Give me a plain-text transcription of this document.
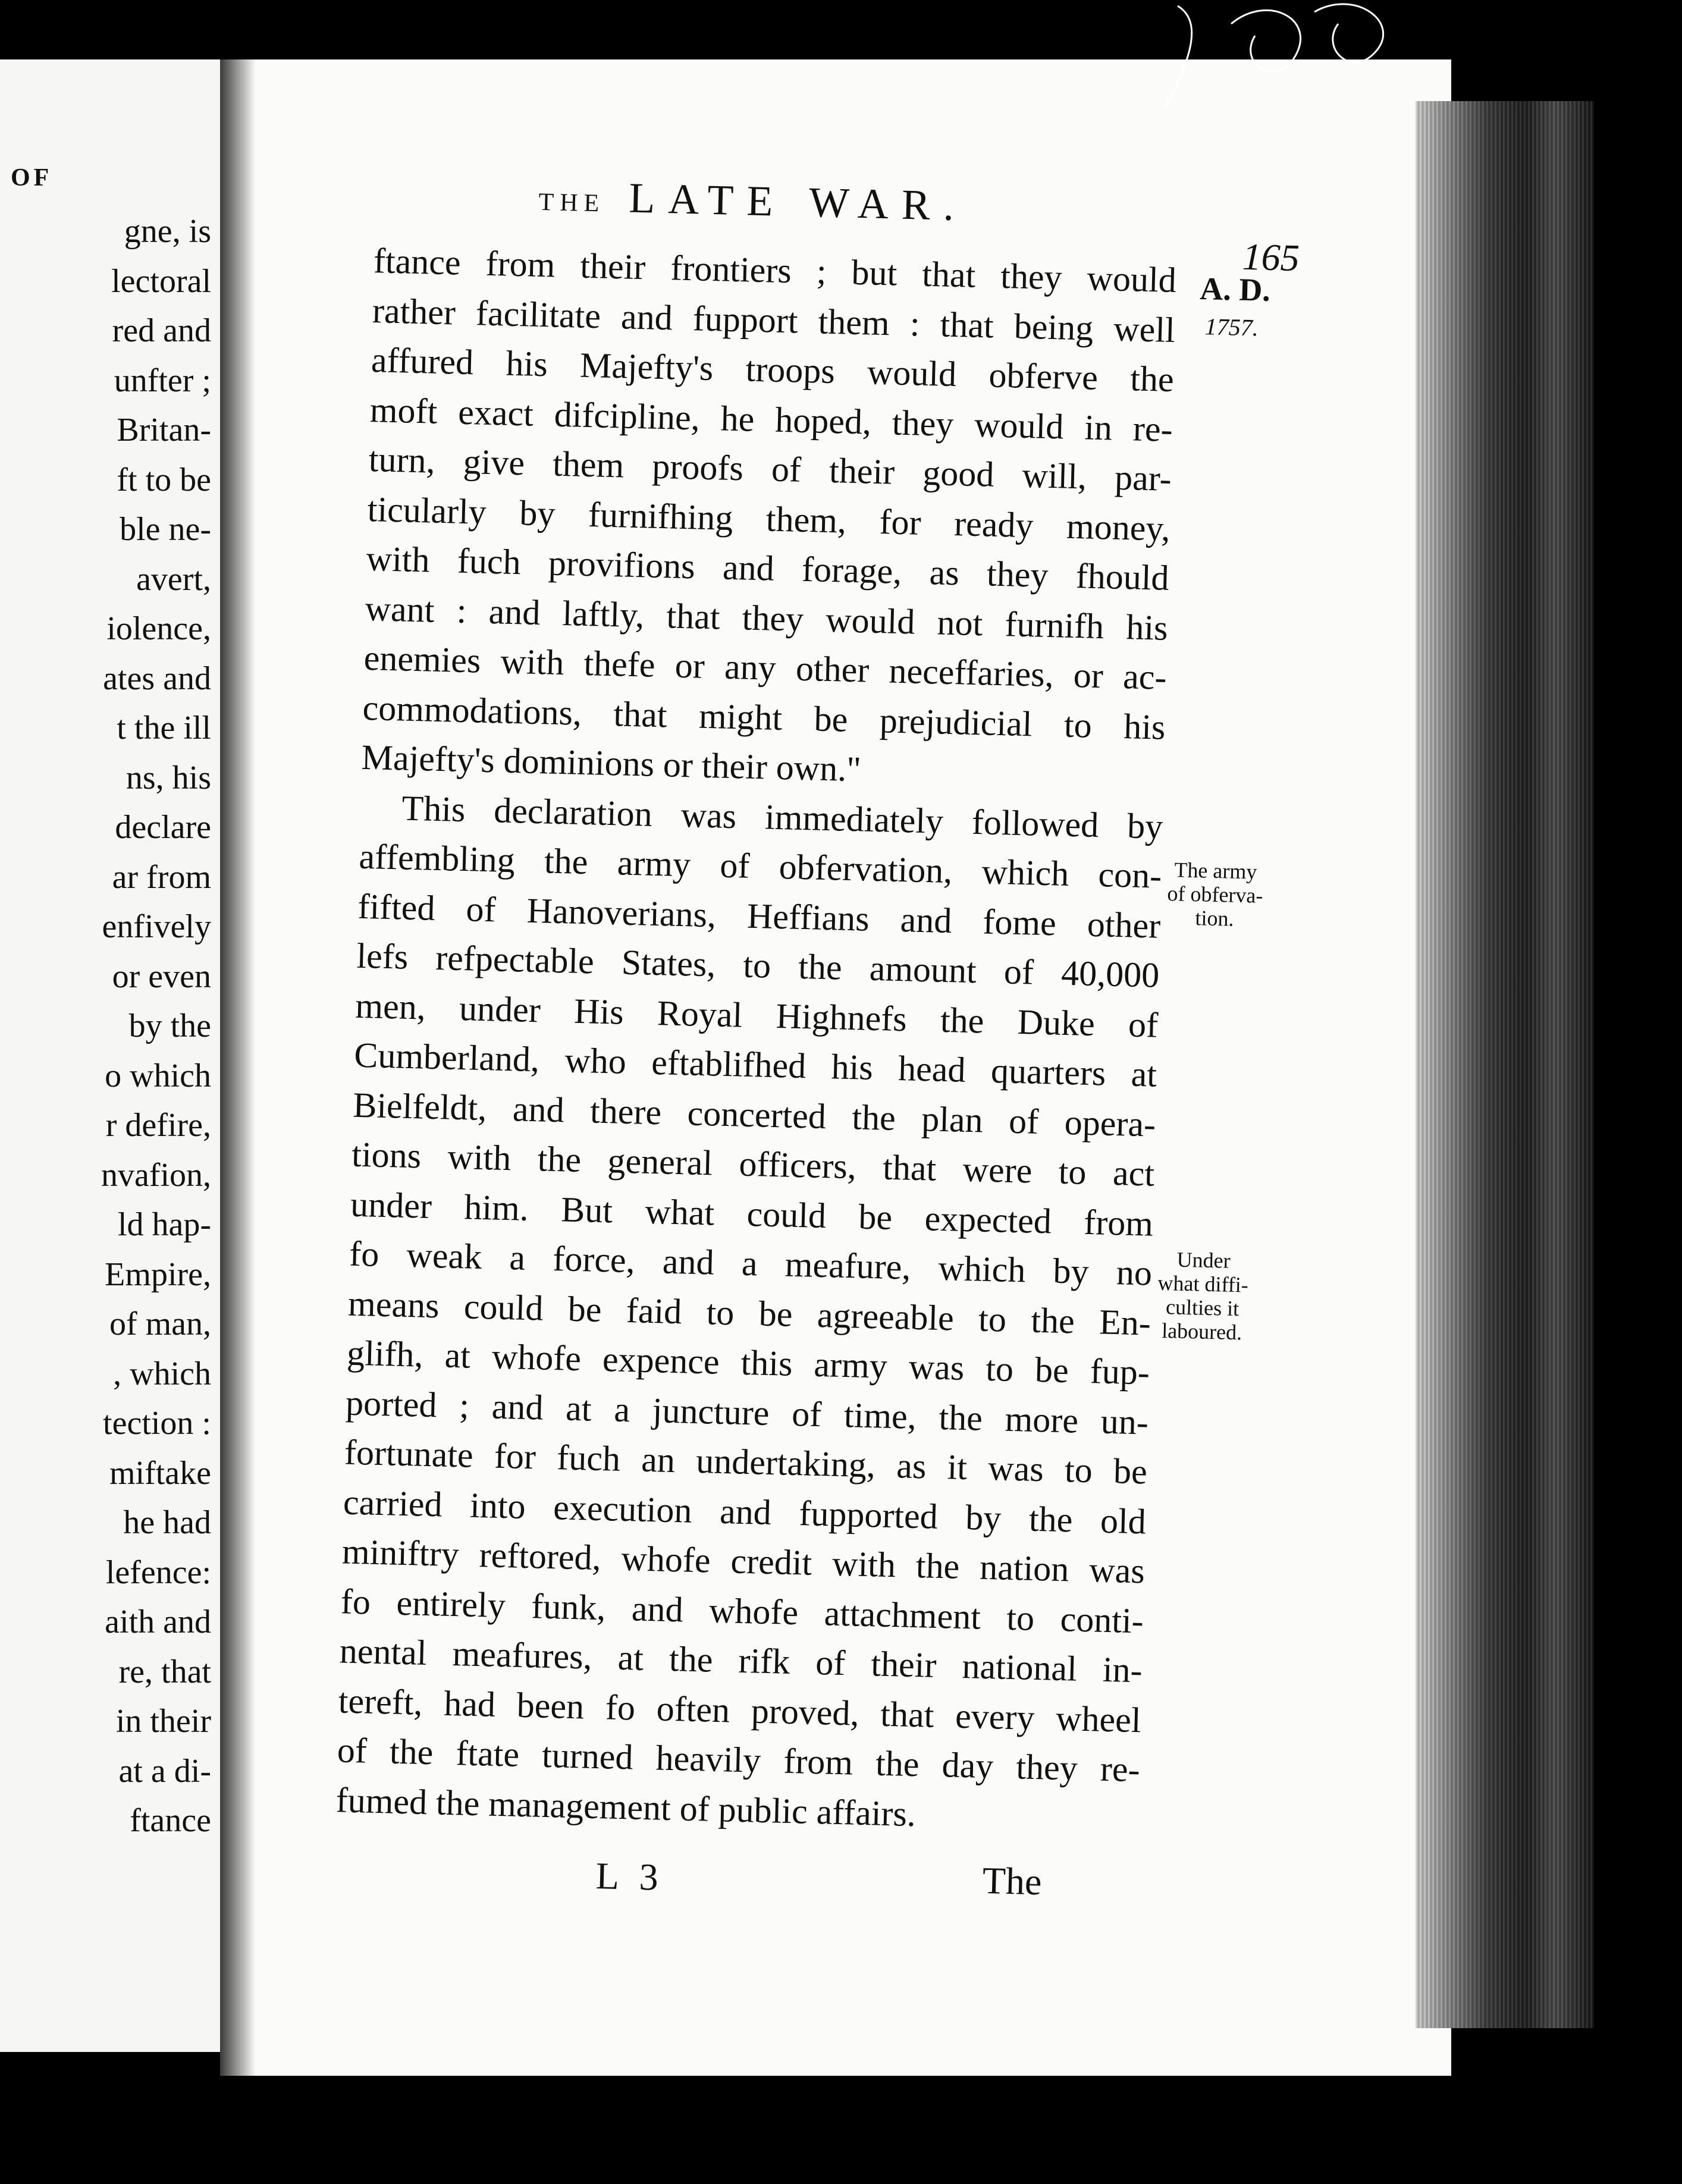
OF
gne, is
lectoral
red and
unfter ;
Britan-
ft to be
ble ne-
avert,
iolence,
ates and
t the ill
ns, his
declare
ar from
enfively
or even
by the
o which
r defire,
nvafion,
ld hap-
Empire,
of man,
, which
tection :
miftake
he had
lefence:
aith and
re, that
in their
at a di-
ftance
THE LATE WAR.
165
A. D.
1757.
ftance from their frontiers ; but that they would
rather facilitate and fupport them : that being well
affured his Majefty's troops would obferve the
moft exact difcipline, he hoped, they would in re-
turn, give them proofs of their good will, par-
ticularly by furnifhing them, for ready money,
with fuch provifions and forage, as they fhould
want : and laftly, that they would not furnifh his
enemies with thefe or any other neceffaries, or ac-
commodations, that might be prejudicial to his
Majefty's dominions or their own."
This declaration was immediately followed by
affembling the army of obfervation, which con-
fifted of Hanoverians, Heffians and fome other
lefs refpectable States, to the amount of 40,000
men, under His Royal Highnefs the Duke of
Cumberland, who eftablifhed his head quarters at
Bielfeldt, and there concerted the plan of opera-
tions with the general officers, that were to act
under him. But what could be expected from
fo weak a force, and a meafure, which by no
means could be faid to be agreeable to the En-
glifh, at whofe expence this army was to be fup-
ported ; and at a juncture of time, the more un-
fortunate for fuch an undertaking, as it was to be
carried into execution and fupported by the old
miniftry reftored, whofe credit with the nation was
fo entirely funk, and whofe attachment to conti-
nental meafures, at the rifk of their national in-
tereft, had been fo often proved, that every wheel
of the ftate turned heavily from the day they re-
fumed the management of public affairs.
The army
of obferva-
tion.
Under
what diffi-
culties it
laboured.
L 3	The
